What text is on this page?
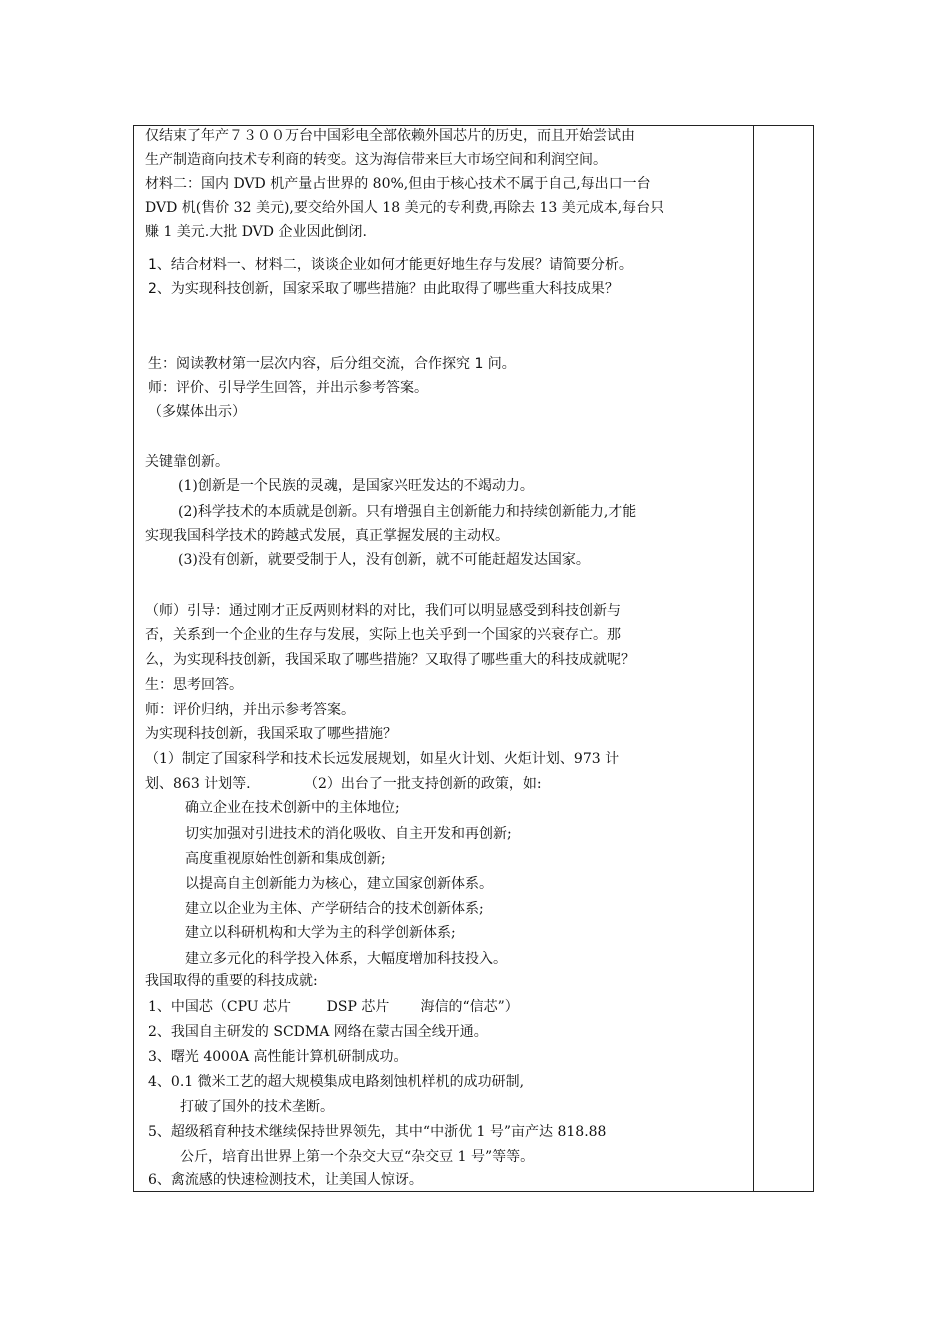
仅结束了年产７３００万台中国彩电全部依赖外国芯片的历史，而且开始尝试由
生产制造商向技术专利商的转变。这为海信带来巨大市场空间和利润空间。
材料二：国内 DVD 机产量占世界的 80%,但由于核心技术不属于自己,每出口一台
DVD 机(售价 32 美元),要交给外国人 18 美元的专利费,再除去 13 美元成本,每台只
赚 1 美元.大批 DVD 企业因此倒闭.
1、结合材料一、材料二，谈谈企业如何才能更好地生存与发展？请简要分析。
2、为实现科技创新，国家采取了哪些措施？由此取得了哪些重大科技成果？
生：阅读教材第一层次内容，后分组交流，合作探究 1 问。
师：评价、引导学生回答，并出示参考答案。
（多媒体出示）
关键靠创新。
(1)创新是一个民族的灵魂，是国家兴旺发达的不竭动力。
(2)科学技术的本质就是创新。只有增强自主创新能力和持续创新能力,才能
实现我国科学技术的跨越式发展，真正掌握发展的主动权。
(3)没有创新，就要受制于人，没有创新，就不可能赶超发达国家。
（师）引导：通过刚才正反两则材料的对比，我们可以明显感受到科技创新与
否，关系到一个企业的生存与发展，实际上也关乎到一个国家的兴衰存亡。那
么，为实现科技创新，我国采取了哪些措施？又取得了哪些重大的科技成就呢？
生：思考回答。
师：评价归纳，并出示参考答案。
为实现科技创新，我国采取了哪些措施？
（1）制定了国家科学和技术长远发展规划，如星火计划、火炬计划、973 计
划、863 计划等.            （2）出台了一批支持创新的政策，如:
确立企业在技术创新中的主体地位;
切实加强对引进技术的消化吸收、自主开发和再创新;
高度重视原始性创新和集成创新;
以提高自主创新能力为核心，建立国家创新体系。
建立以企业为主体、产学研结合的技术创新体系;
建立以科研机构和大学为主的科学创新体系;
建立多元化的科学投入体系，大幅度增加科技投入。
我国取得的重要的科技成就:
1、中国芯（CPU 芯片        DSP 芯片       海信的“信芯”）
2、我国自主研发的 SCDMA 网络在蒙古国全线开通。
3、曙光 4000A 高性能计算机研制成功。
4、0.1 微米工艺的超大规模集成电路刻蚀机样机的成功研制,
打破了国外的技术垄断。
5、超级稻育种技术继续保持世界领先，其中“中浙优 1 号”亩产达 818.88
公斤，培育出世界上第一个杂交大豆“杂交豆 1 号”等等。
6、禽流感的快速检测技术，让美国人惊讶。
